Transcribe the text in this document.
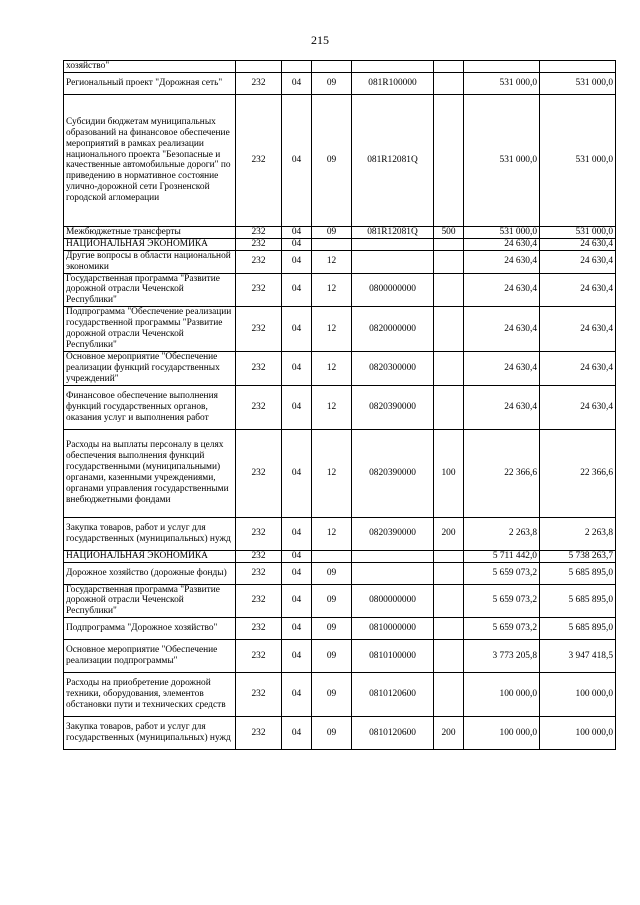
215
хозяйство"							
Региональный проект "Дорожная сеть"	232	04	09	081R100000		531 000,0	531 000,0
Субсидии бюджетам муниципальных образований на финансовое обеспечение мероприятий в рамках реализации национального проекта "Безопасные и качественные автомобильные дороги" по приведению в нормативное состояние улично-дорожной сети Грозненской городской агломерации	232	04	09	081R12081Q		531 000,0	531 000,0
Межбюджетные трансферты	232	04	09	081R12081Q	500	531 000,0	531 000,0
НАЦИОНАЛЬНАЯ ЭКОНОМИКА	232	04				24 630,4	24 630,4
Другие вопросы в области национальной экономики	232	04	12			24 630,4	24 630,4
Государственная программа "Развитие дорожной отрасли Чеченской Республики"	232	04	12	0800000000		24 630,4	24 630,4
Подпрограмма "Обеспечение реализации государственной программы "Развитие дорожной отрасли Чеченской Республики"	232	04	12	0820000000		24 630,4	24 630,4
Основное мероприятие "Обеспечение реализации функций государственных учреждений"	232	04	12	0820300000		24 630,4	24 630,4
Финансовое обеспечение выполнения функций государственных органов, оказания услуг и выполнения работ	232	04	12	0820390000		24 630,4	24 630,4
Расходы на выплаты персоналу в целях обеспечения выполнения функций государственными (муниципальными) органами, казенными учреждениями, органами управления государственными внебюджетными фондами	232	04	12	0820390000	100	22 366,6	22 366,6
Закупка товаров, работ и услуг для государственных (муниципальных) нужд	232	04	12	0820390000	200	2 263,8	2 263,8
НАЦИОНАЛЬНАЯ ЭКОНОМИКА	232	04				5 711 442,0	5 738 263,7
Дорожное хозяйство (дорожные фонды)	232	04	09			5 659 073,2	5 685 895,0
Государственная программа "Развитие дорожной отрасли Чеченской Республики"	232	04	09	0800000000		5 659 073,2	5 685 895,0
Подпрограмма "Дорожное хозяйство"	232	04	09	0810000000		5 659 073,2	5 685 895,0
Основное мероприятие "Обеспечение реализации подпрограммы"	232	04	09	0810100000		3 773 205,8	3 947 418,5
Расходы на приобретение дорожной техники, оборудования, элементов обстановки пути и технических средств	232	04	09	0810120600		100 000,0	100 000,0
Закупка товаров, работ и услуг для государственных (муниципальных) нужд	232	04	09	0810120600	200	100 000,0	100 000,0
